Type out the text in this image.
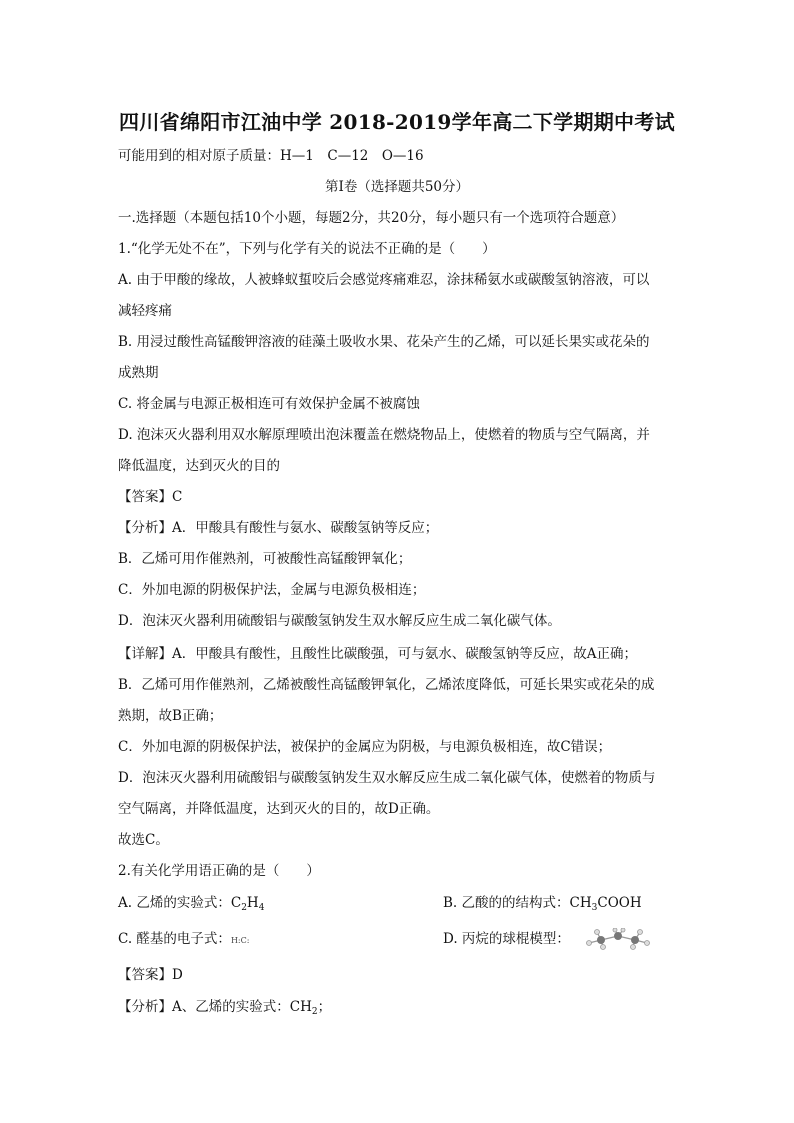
四川省绵阳市江油中学 2018-2019学年高二下学期期中考试
可能用到的相对原子质量：H—1　C—12　O—16
第Ⅰ卷（选择题共50分）
一.选择题（本题包括10个小题，每题2分，共20分，每小题只有一个选项符合题意）
1.“化学无处不在”，下列与化学有关的说法不正确的是（　　）
A. 由于甲酸的缘故，人被蜂蚁蜇咬后会感觉疼痛难忍，涂抹稀氨水或碳酸氢钠溶液，可以
减轻疼痛
B. 用浸过酸性高锰酸钾溶液的硅藻土吸收水果、花朵产生的乙烯，可以延长果实或花朵的
成熟期
C. 将金属与电源正极相连可有效保护金属不被腐蚀
D. 泡沫灭火器利用双水解原理喷出泡沫覆盖在燃烧物品上，使燃着的物质与空气隔离，并
降低温度，达到灭火的目的
【答案】C
【分析】A．甲酸具有酸性与氨水、碳酸氢钠等反应；
B．乙烯可用作催熟剂，可被酸性高锰酸钾氧化；
C．外加电源的阴极保护法，金属与电源负极相连；
D．泡沫灭火器利用硫酸铝与碳酸氢钠发生双水解反应生成二氧化碳气体。
【详解】A．甲酸具有酸性，且酸性比碳酸强，可与氨水、碳酸氢钠等反应，故A正确；
B．乙烯可用作催熟剂，乙烯被酸性高锰酸钾氧化，乙烯浓度降低，可延长果实或花朵的成
熟期，故B正确；
C．外加电源的阴极保护法，被保护的金属应为阴极，与电源负极相连，故C错误；
D．泡沫灭火器利用硫酸铝与碳酸氢钠发生双水解反应生成二氧化碳气体，使燃着的物质与
空气隔离，并降低温度，达到灭火的目的，故D正确。
故选C。
2.有关化学用语正确的是（　　）
A. 乙烯的实验式：$C_2H_4$	B. 乙酸的的结构式：$CH_3COOH$
C. 醛基的电子式：H:C:	D. 丙烷的球棍模型：
【答案】D
【分析】A、乙烯的实验式：$CH_2$；
